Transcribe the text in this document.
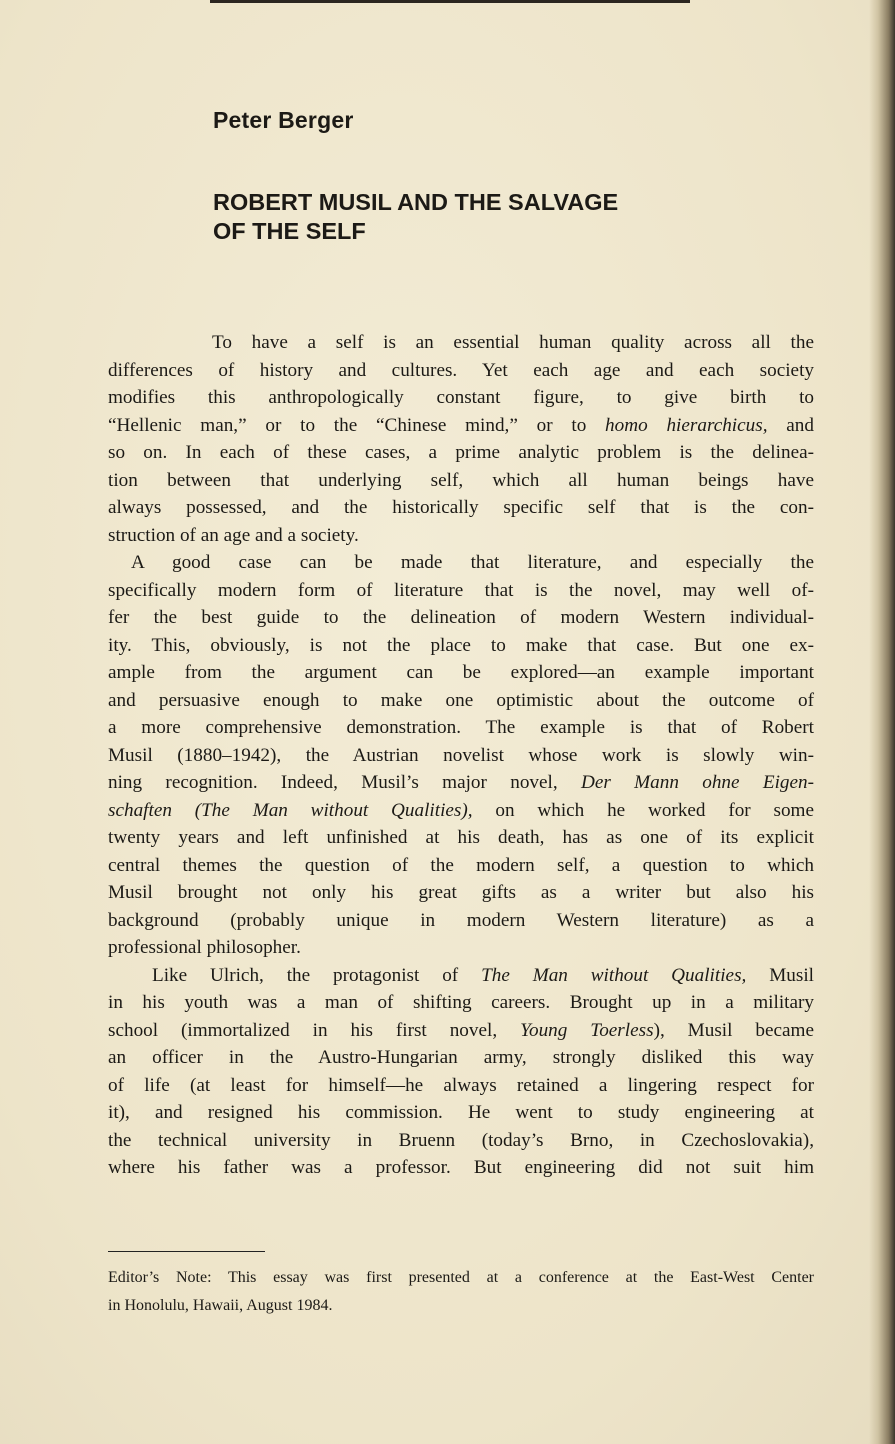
Peter Berger
ROBERT MUSIL AND THE SALVAGE
OF THE SELF
To have a self is an essential human quality across all the
differences of history and cultures. Yet each age and each society
modifies this anthropologically constant figure, to give birth to
“Hellenic man,” or to the “Chinese mind,” or to homo hierarchicus, and
so on. In each of these cases, a prime analytic problem is the delinea-
tion between that underlying self, which all human beings have
always possessed, and the historically specific self that is the con-
struction of an age and a society.
A good case can be made that literature, and especially the
specifically modern form of literature that is the novel, may well of-
fer the best guide to the delineation of modern Western individual-
ity. This, obviously, is not the place to make that case. But one ex-
ample from the argument can be explored—an example important
and persuasive enough to make one optimistic about the outcome of
a more comprehensive demonstration. The example is that of Robert
Musil (1880–1942), the Austrian novelist whose work is slowly win-
ning recognition. Indeed, Musil’s major novel, Der Mann ohne Eigen-
schaften (The Man without Qualities), on which he worked for some
twenty years and left unfinished at his death, has as one of its explicit
central themes the question of the modern self, a question to which
Musil brought not only his great gifts as a writer but also his
background (probably unique in modern Western literature) as a
professional philosopher.
Like Ulrich, the protagonist of The Man without Qualities, Musil
in his youth was a man of shifting careers. Brought up in a military
school (immortalized in his first novel, Young Toerless), Musil became
an officer in the Austro-Hungarian army, strongly disliked this way
of life (at least for himself—he always retained a lingering respect for
it), and resigned his commission. He went to study engineering at
the technical university in Bruenn (today’s Brno, in Czechoslovakia),
where his father was a professor. But engineering did not suit him
Editor’s Note: This essay was first presented at a conference at the East-West Center
in Honolulu, Hawaii, August 1984.
